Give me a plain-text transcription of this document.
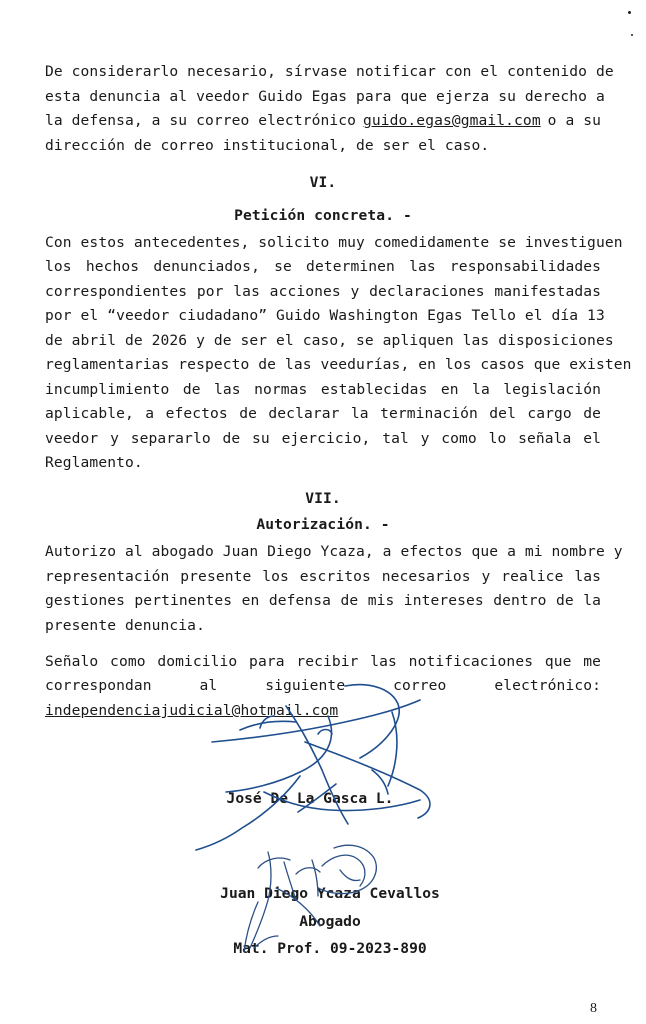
De considerarlo necesario, sírvase notificar con el contenido de
esta denuncia al veedor Guido Egas para que ejerza su derecho a
la defensa, a su correo electrónico guido.egas@gmail.com o a su
dirección de correo institucional, de ser el caso.
VI.
Petición concreta. -
Con estos antecedentes, solicito muy comedidamente se investiguen
los hechos denunciados, se determinen las responsabilidades
correspondientes por las acciones y declaraciones manifestadas
por el “veedor ciudadano” Guido Washington Egas Tello el día 13
de abril de 2026 y de ser el caso, se apliquen las disposiciones
reglamentarias respecto de las veedurías, en los casos que existen
incumplimiento de las normas establecidas en la legislación
aplicable, a efectos de declarar la terminación del cargo de
veedor y separarlo de su ejercicio, tal y como lo señala el
Reglamento.
VII.
Autorización. -
Autorizo al abogado Juan Diego Ycaza, a efectos que a mi nombre y
representación presente los escritos necesarios y realice las
gestiones pertinentes en defensa de mis intereses dentro de la
presente denuncia.
Señalo como domicilio para recibir las notificaciones que me
correspondan al siguiente correo electrónico:
independenciajudicial@hotmail.com
José De La Gasca L.
Juan Diego Ycaza Cevallos
Abogado
Mat. Prof. 09-2023-890
8
